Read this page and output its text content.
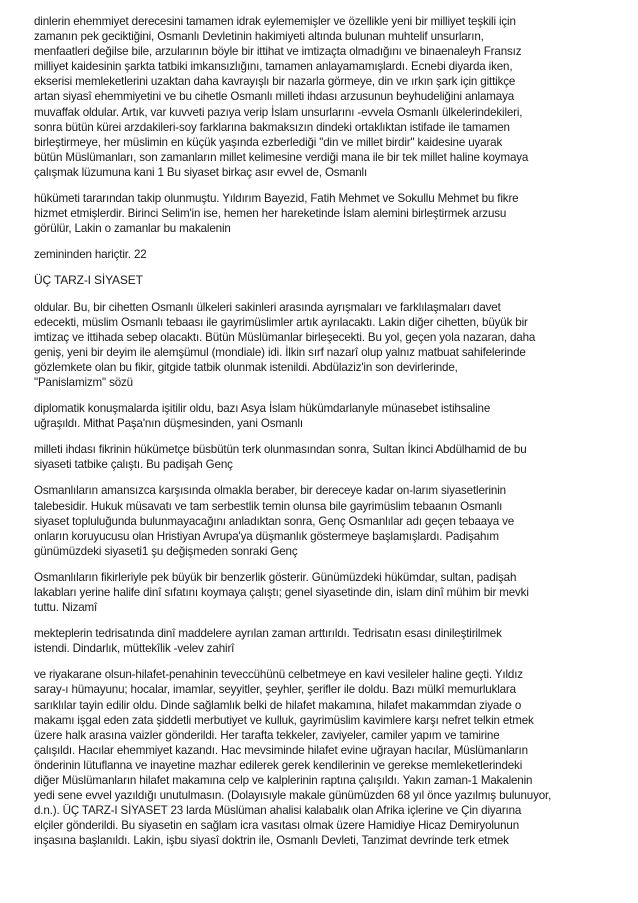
dinlerin ehemmiyet derecesini tamamen idrak eylememişler ve özellikle yeni bir milliyet teşkili için
zamanın pek geciktiğini, Osmanlı Devletinin hakimiyeti altında bulunan muhtelif unsurların,
menfaatleri değilse bile, arzularının böyle bir ittihat ve imtizaçta olmadığını ve binaenaleyh Fransız
milliyet kaidesinin şarkta tatbiki imkansızlığını, tamamen anlayamamışlardı. Ecnebi diyarda iken,
ekserisi memleketlerini uzaktan daha kavrayışlı bir nazarla görmeye, din ve ırkın şark için gittikçe
artan siyasî ehemmiyetini ve bu cihetle Osmanlı milleti ihdası arzusunun beyhudeliğini anlamaya
muvaffak oldular. Artık, var kuvveti pazıya verip İslam unsurlarını -evvela Osmanlı ülkelerindekileri,
sonra bütün kürei arzdakileri-soy farklarına bakmaksızın dindeki ortaklıktan istifade ile tamamen
birleştirmeye, her müslimin en küçük yaşında ezberlediği "din ve millet birdir" kaidesine uyarak
bütün Müslümanları, son zamanların millet kelimesine verdiği mana ile bir tek millet haline koymaya
çalışmak lüzumuna kani 1 Bu siyaset birkaç asır evvel de, Osmanlı

hükümeti tararından takip olunmuştu. Yıldırım Bayezid, Fatih Mehmet ve Sokullu Mehmet bu fikre
hizmet etmişlerdir. Birinci Selim'in ise, hemen her hareketinde İslam alemini birleştirmek arzusu
görülür, Lakin o zamanlar bu makalenin

zemininden hariçtir. 22

ÜÇ TARZ-I SİYASET

oldular. Bu, bir cihetten Osmanlı ülkeleri sakinleri arasında ayrışmaları ve farklılaşmaları davet
edecekti, müslim Osmanlı tebaası ile gayrimüslimler artık ayrılacaktı. Lakin diğer cihetten, büyük bir
imtizaç ve ittihada sebep olacaktı. Bütün Müslümanlar birleşecekti. Bu yol, geçen yola nazaran, daha
geniş, yeni bir deyim ile alemşümul (mondiale) idi. İlkin sırf nazarî olup yalnız matbuat sahifelerinde
gözlemkete olan bu fikir, gitgide tatbik olunmak istenildi. Abdülaziz'in son devirlerinde,
"Panislamizm" sözü

diplomatik konuşmalarda işitilir oldu, bazı Asya İslam hükümdarlanyle münasebet istihsaline
uğraşıldı. Mithat Paşa'nın düşmesinden, yani Osmanlı

milleti ihdası fikrinin hükümetçe büsbütün terk olunmasından sonra, Sultan İkinci Abdülhamid de bu
siyaseti tatbike çalıştı. Bu padişah Genç

Osmanlıların amansızca karşısında olmakla beraber, bir dereceye kadar on-larım siyasetlerinin
talebesidir. Hukuk müsavatı ve tam serbestlik temin olunsa bile gayrimüslim tebaanın Osmanlı
siyaset topluluğunda bulunmayacağını anladıktan sonra, Genç Osmanlılar adı geçen tebaaya ve
onların koruyucusu olan Hristiyan Avrupa'ya düşmanlık göstermeye başlamışlardı. Padişahım
günümüzdeki siyaseti1 şu değişmeden sonraki Genç

Osmanlıların fikirleriyle pek büyük bir benzerlik gösterir. Günümüzdeki hükümdar, sultan, padişah
lakabları yerine halife dinî sıfatını koymaya çalıştı; genel siyasetinde din, islam dinî mühim bir mevki
tuttu. Nizamî

mekteplerin tedrisatında dinî maddelere ayrılan zaman arttırıldı. Tedrisatın esası dinileştirilmek
istendi. Dindarlık, müttekîlik -velev zahirî

ve riyakarane olsun-hilafet-penahinin teveccühünü celbetmeye en kavi vesileler haline geçti. Yıldız
saray-ı hümayunu; hocalar, imamlar, seyyitler, şeyhler, şerifler ile doldu. Bazı mülkî memurluklara
sarıklılar tayin edilir oldu. Dinde sağlamlık belki de hilafet makamına, hilafet makammdan ziyade o
makamı işgal eden zata şiddetli merbutiyet ve kulluk, gayrimüslim kavimlere karşı nefret telkin etmek
üzere halk arasına vaizler gönderildi. Her tarafta tekkeler, zaviyeler, camiler yapım ve tamirine
çalışıldı. Hacılar ehemmiyet kazandı. Hac mevsiminde hilafet evine uğrayan hacılar, Müslümanların
önderinin lütuflanna ve inayetine mazhar edilerek gerek kendilerinin ve gerekse memleketlerindeki
diğer Müslümanların hilafet makamına celp ve kalplerinin raptına çalışıldı. Yakın zaman-1 Makalenin
yedi sene evvel yazıldığı unutulmasın. (Dolayısıyle makale günümüzden 68 yıl önce yazılmış bulunuyor,
d.n.). ÜÇ TARZ-I SİYASET 23 larda Müslüman ahalisi kalabalık olan Afrika içlerine ve Çin diyarına
elçiler gönderildi. Bu siyasetin en sağlam icra vasıtası olmak üzere Hamidiye Hicaz Demiryolunun
inşasına başlanıldı. Lakin, işbu siyasî doktrin ile, Osmanlı Devleti, Tanzimat devrinde terk etmek
